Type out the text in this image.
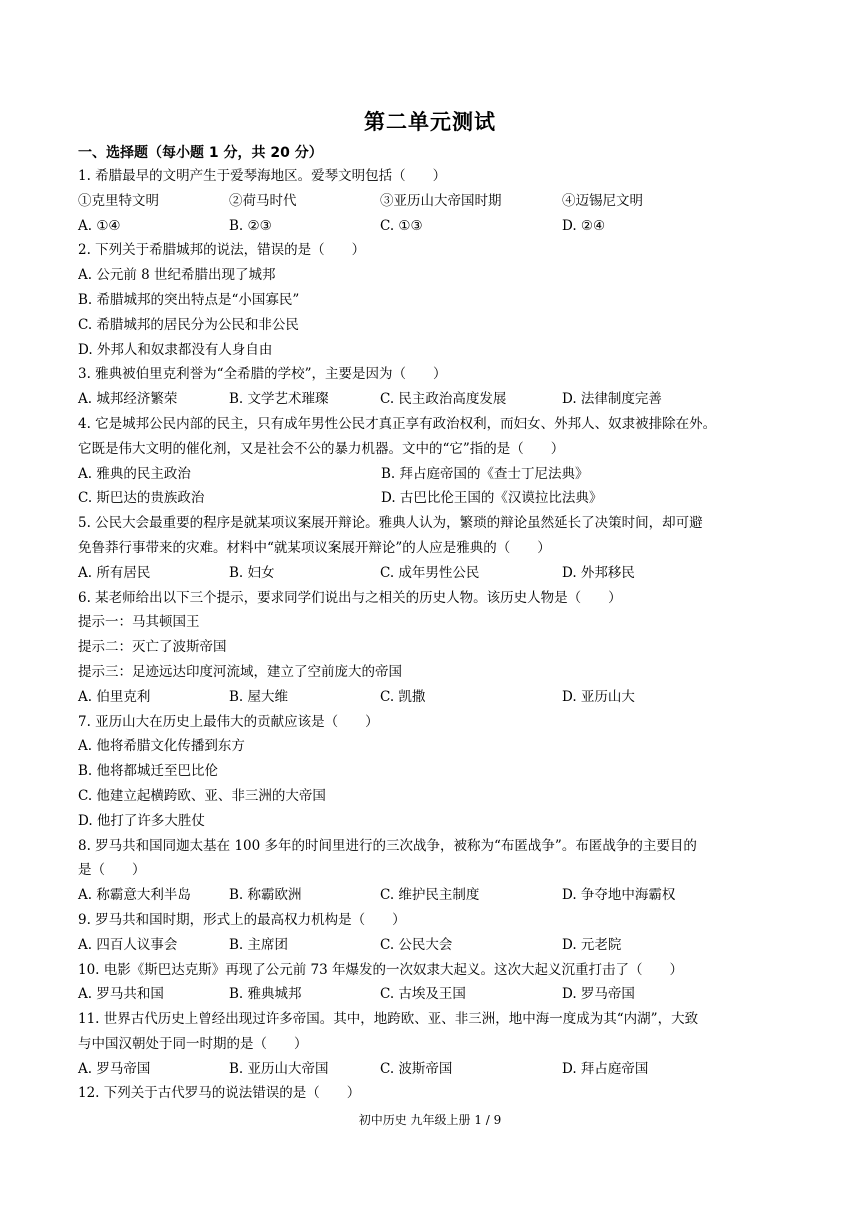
第二单元测试
一、选择题（每小题 1 分，共 20 分）
1. 希腊最早的文明产生于爱琴海地区。爱琴文明包括（　　）
①克里特文明	②荷马时代	③亚历山大帝国时期	④迈锡尼文明
A. ①④	B. ②③	C. ①③	D. ②④
2. 下列关于希腊城邦的说法，错误的是（　　）
A. 公元前 8 世纪希腊出现了城邦
B. 希腊城邦的突出特点是“小国寡民”
C. 希腊城邦的居民分为公民和非公民
D. 外邦人和奴隶都没有人身自由
3. 雅典被伯里克利誉为“全希腊的学校”，主要是因为（　　）
A. 城邦经济繁荣	B. 文学艺术璀璨	C. 民主政治高度发展	D. 法律制度完善
4. 它是城邦公民内部的民主，只有成年男性公民才真正享有政治权利，而妇女、外邦人、奴隶被排除在外。
它既是伟大文明的催化剂，又是社会不公的暴力机器。文中的“它”指的是（　　）
A. 雅典的民主政治	B. 拜占庭帝国的《查士丁尼法典》
C. 斯巴达的贵族政治	D. 古巴比伦王国的《汉谟拉比法典》
5. 公民大会最重要的程序是就某项议案展开辩论。雅典人认为，繁琐的辩论虽然延长了决策时间，却可避
免鲁莽行事带来的灾难。材料中“就某项议案展开辩论”的人应是雅典的（　　）
A. 所有居民	B. 妇女	C. 成年男性公民	D. 外邦移民
6. 某老师给出以下三个提示，要求同学们说出与之相关的历史人物。该历史人物是（　　）
提示一：马其顿国王
提示二：灭亡了波斯帝国
提示三：足迹远达印度河流域，建立了空前庞大的帝国
A. 伯里克利	B. 屋大维	C. 凯撒	D. 亚历山大
7. 亚历山大在历史上最伟大的贡献应该是（　　）
A. 他将希腊文化传播到东方
B. 他将都城迁至巴比伦
C. 他建立起横跨欧、亚、非三洲的大帝国
D. 他打了许多大胜仗
8. 罗马共和国同迦太基在 100 多年的时间里进行的三次战争，被称为“布匿战争”。布匿战争的主要目的
是（　　）
A. 称霸意大利半岛	B. 称霸欧洲	C. 维护民主制度	D. 争夺地中海霸权
9. 罗马共和国时期，形式上的最高权力机构是（　　）
A. 四百人议事会	B. 主席团	C. 公民大会	D. 元老院
10. 电影《斯巴达克斯》再现了公元前 73 年爆发的一次奴隶大起义。这次大起义沉重打击了（　　）
A. 罗马共和国	B. 雅典城邦	C. 古埃及王国	D. 罗马帝国
11. 世界古代历史上曾经出现过许多帝国。其中，地跨欧、亚、非三洲，地中海一度成为其“内湖”，大致
与中国汉朝处于同一时期的是（　　）
A. 罗马帝国	B. 亚历山大帝国	C. 波斯帝国	D. 拜占庭帝国
12. 下列关于古代罗马的说法错误的是（　　）
初中历史 九年级上册 1 / 9
